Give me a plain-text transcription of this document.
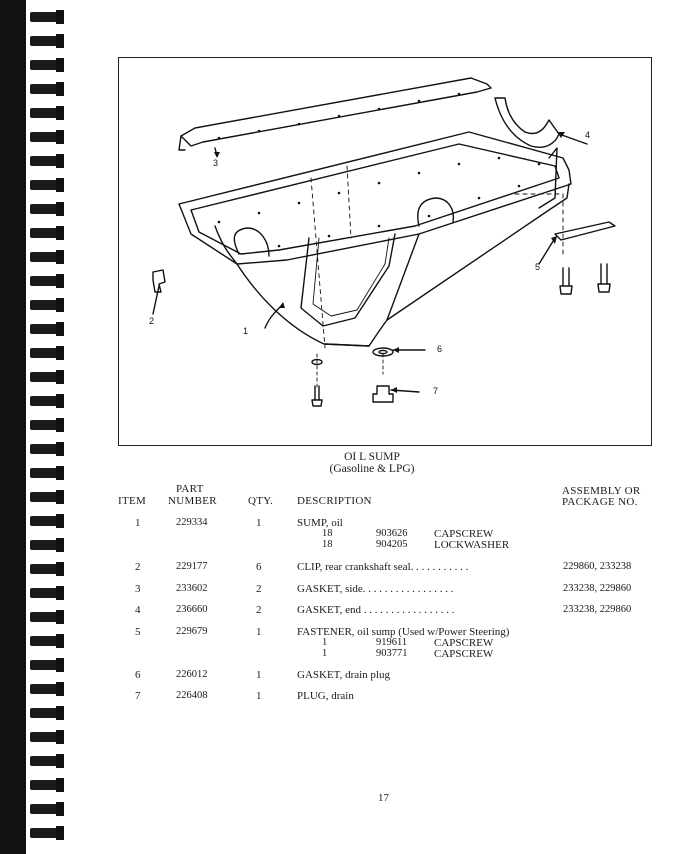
1
2
3
4
5
6
7
OI L SUMP
(Gasoline & LPG)
ITEM
PART
NUMBER	QTY. DESCRIPTION
ASSEMBLY OR
PACKAGE NO.
1	229334	1	SUMP, oil
18	903626 CAPSCREW
18	904205 LOCKWASHER
2	229177	6	CLIP, rear crankshaft seal. . . . . . . . . . .	229860, 233238
3	233602	2	GASKET, side. . . . . . . . . . . . . . . . .	233238, 229860
4	236660	2	GASKET, end . . . . . . . . . . . . . . . . .	233238, 229860
5	229679	1	FASTENER, oil sump (Used w/Power Steering)
1	919611 CAPSCREW
1	903771 CAPSCREW
6	226012	1	GASKET, drain plug
7	226408	1	PLUG, drain
17
